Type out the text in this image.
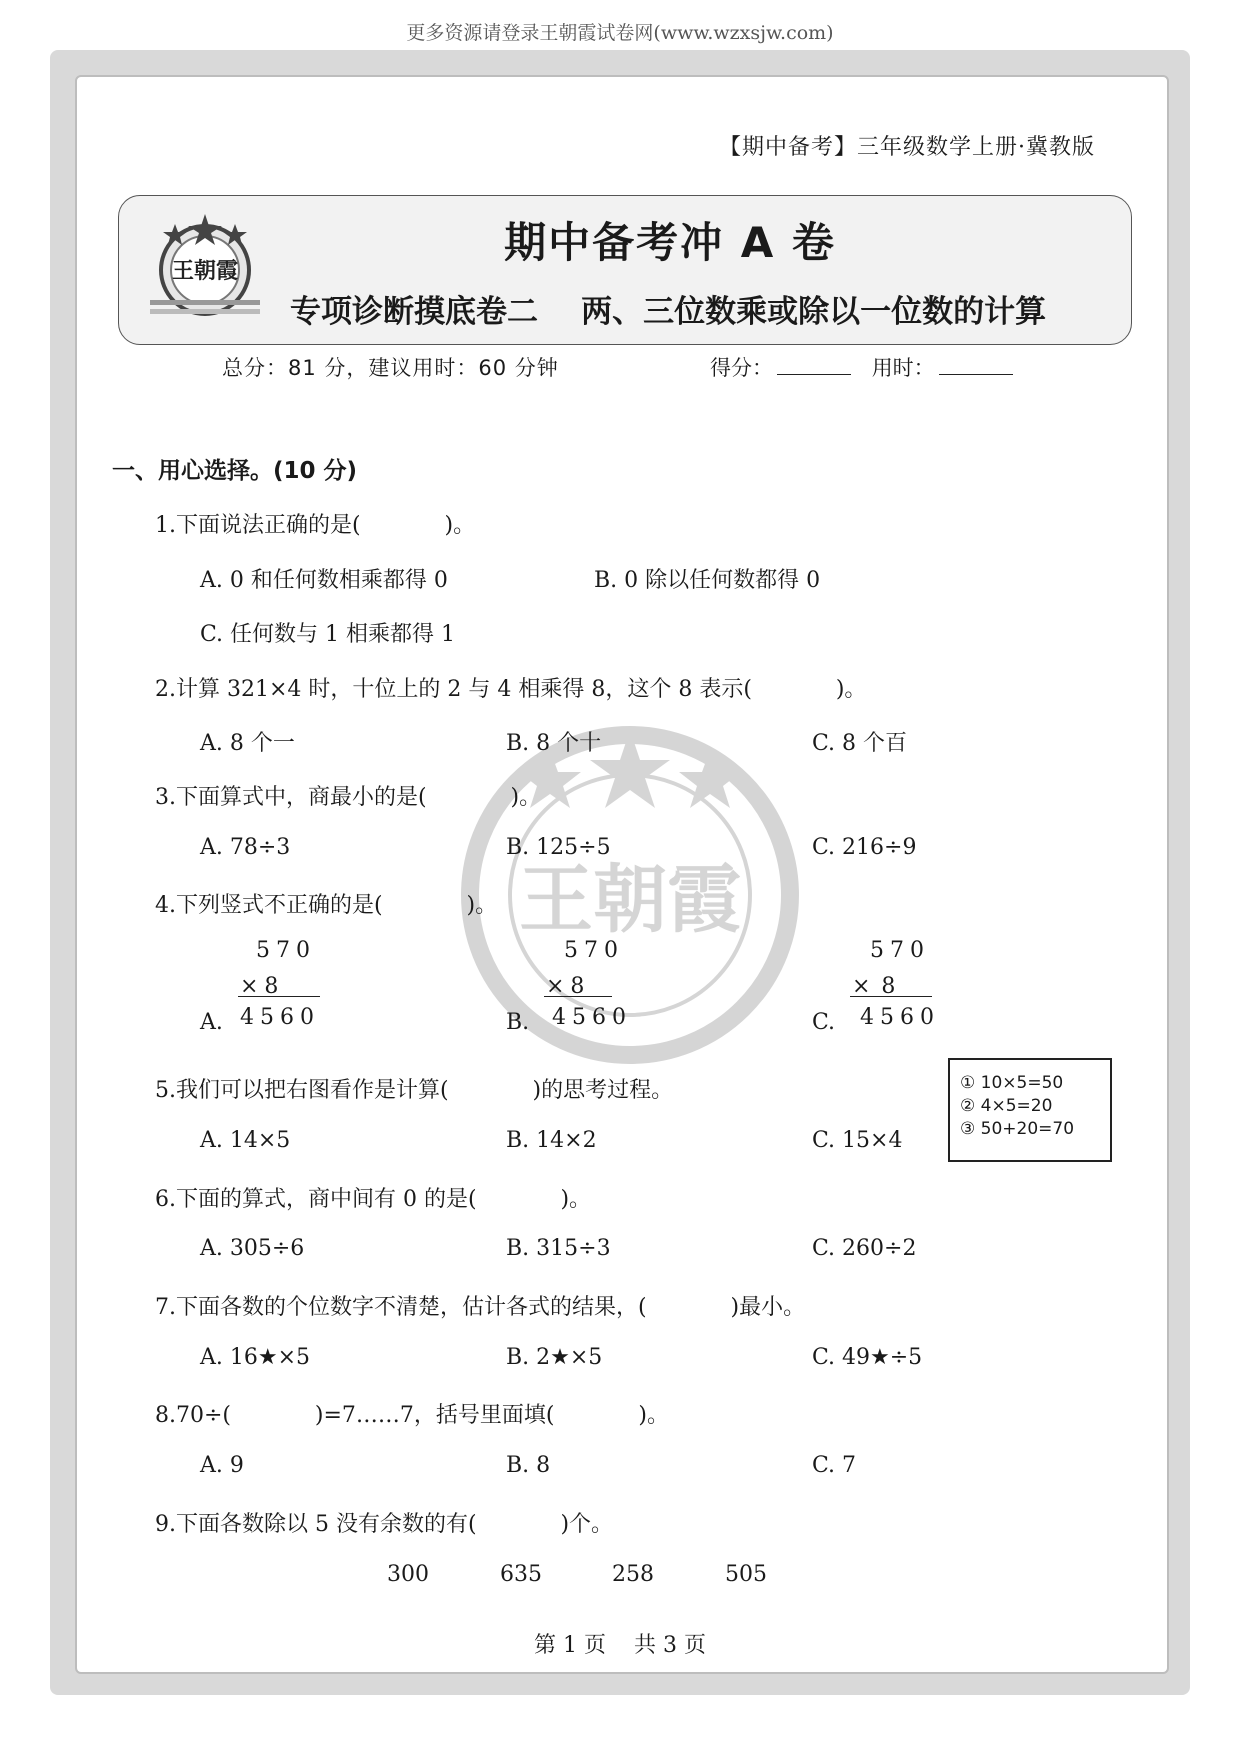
更多资源请登录王朝霞试卷网(www.wzxsjw.com)
王朝霞
【期中备考】三年级数学上册·冀教版
王朝霞
期中备考冲 A 卷
专项诊断摸底卷二    两、三位数乘或除以一位数的计算
总分：81 分，建议用时：60 分钟	得分：	用时：
一、用心选择。(10 分)
1.下面说法正确的是(            )。
A. 0 和任何数相乘都得 0	B. 0 除以任何数都得 0
C. 任何数与 1 相乘都得 1
2.计算 321×4 时，十位上的 2 与 4 相乘得 8，这个 8 表示(            )。
A. 8 个一	B. 8 个十	C. 8 个百
3.下面算式中，商最小的是(            )。
A. 78÷3	B. 125÷5	C. 216÷9
4.下列竖式不正确的是(            )。
570
×8
A. 4560
570
×8
B. 4560
570
× 8
C. 4560
5.我们可以把右图看作是计算(            )的思考过程。
A. 14×5	B. 14×2	C. 15×4
① 10×5=50
② 4×5=20
③ 50+20=70
6.下面的算式，商中间有 0 的是(            )。
A. 305÷6	B. 315÷3	C. 260÷2
7.下面各数的个位数字不清楚，估计各式的结果，(            )最小。
A. 16★×5	B. 2★×5	C. 49★÷5
8.70÷(            )=7……7，括号里面填(            )。
A. 9	B. 8	C. 7
9.下面各数除以 5 没有余数的有(            )个。
300	635	258	505
第 1 页    共 3 页
